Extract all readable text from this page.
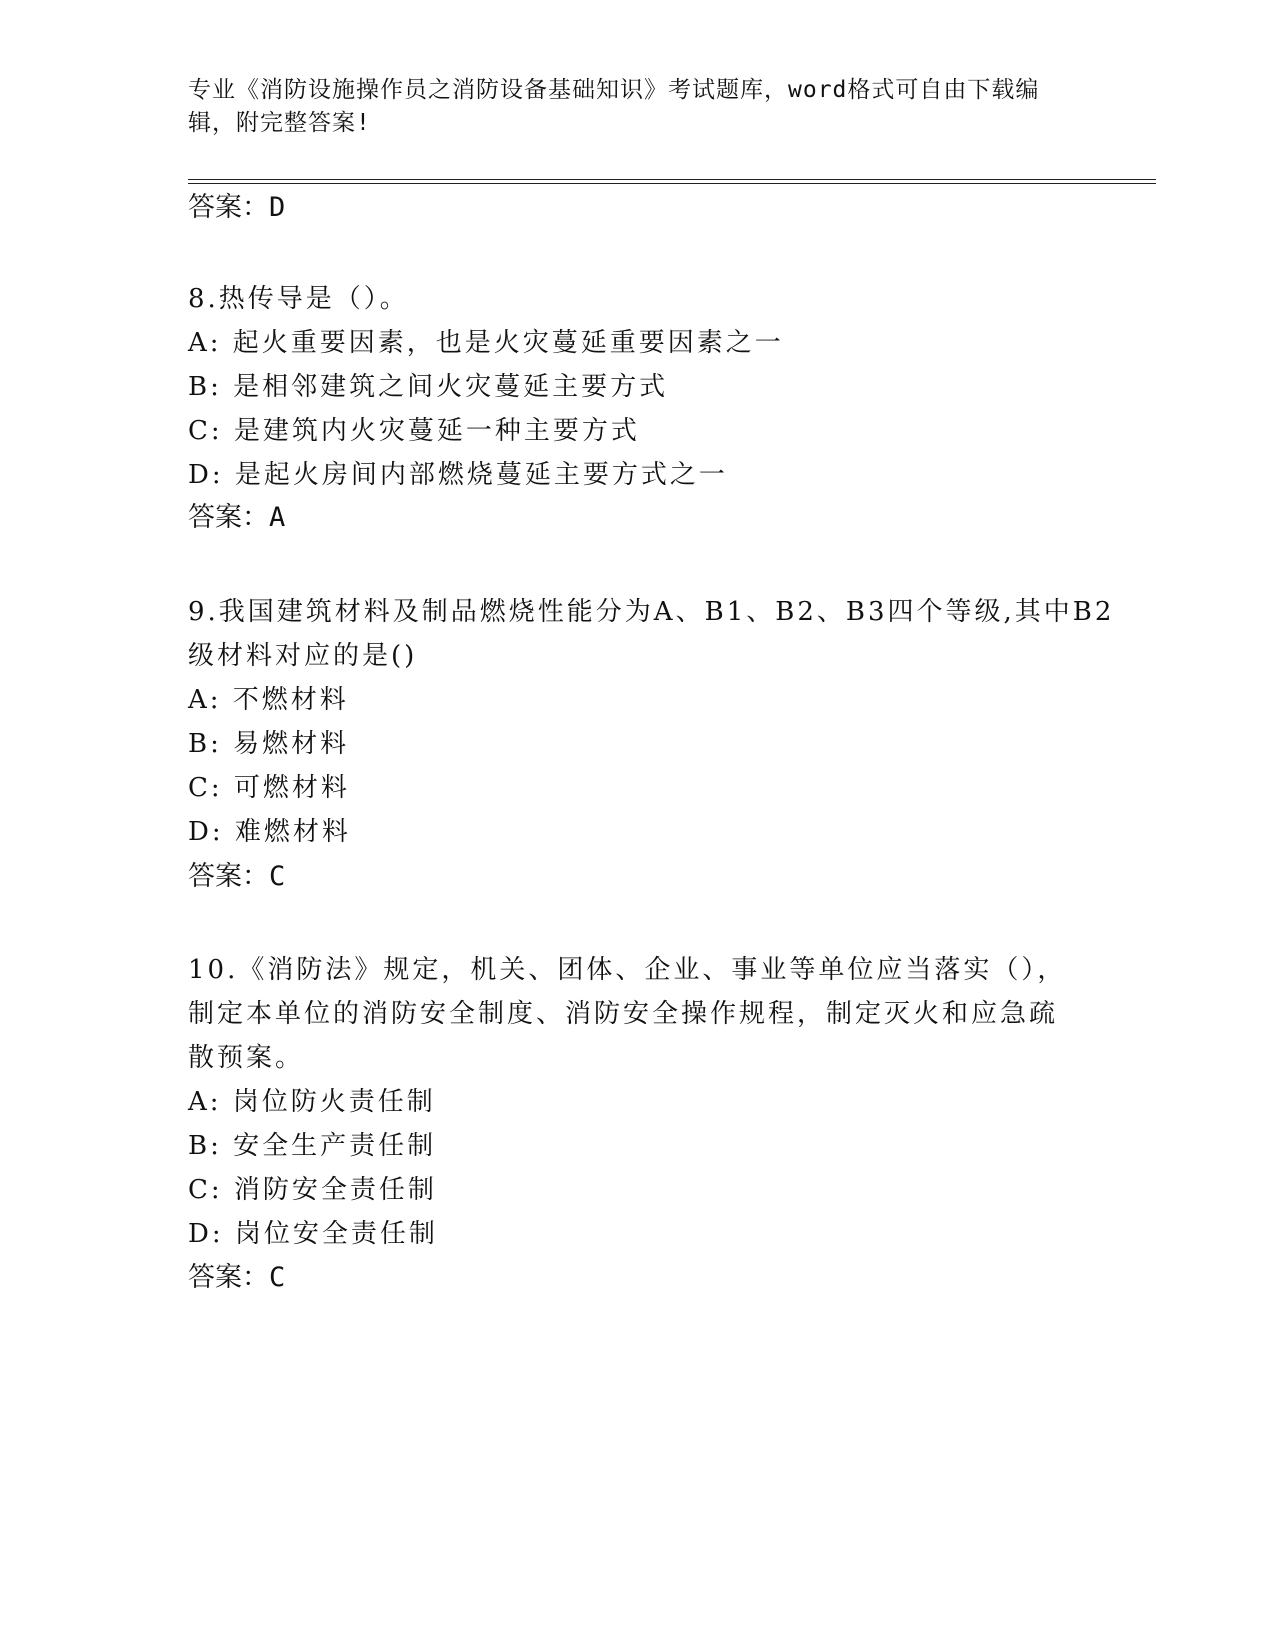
专业《消防设施操作员之消防设备基础知识》考试题库，word格式可自由下载编
辑，附完整答案!
答案：D
8.热传导是（）。
A: 起火重要因素，也是火灾蔓延重要因素之一
B: 是相邻建筑之间火灾蔓延主要方式
C: 是建筑内火灾蔓延一种主要方式
D: 是起火房间内部燃烧蔓延主要方式之一
答案：A
9.我国建筑材料及制品燃烧性能分为A、B1、B2、B3四个等级,其中B2
级材料对应的是()
A: 不燃材料
B: 易燃材料
C: 可燃材料
D: 难燃材料
答案：C
10.《消防法》规定，机关、团体、企业、事业等单位应当落实（），
制定本单位的消防安全制度、消防安全操作规程，制定灭火和应急疏
散预案。
A: 岗位防火责任制
B: 安全生产责任制
C: 消防安全责任制
D: 岗位安全责任制
答案：C
